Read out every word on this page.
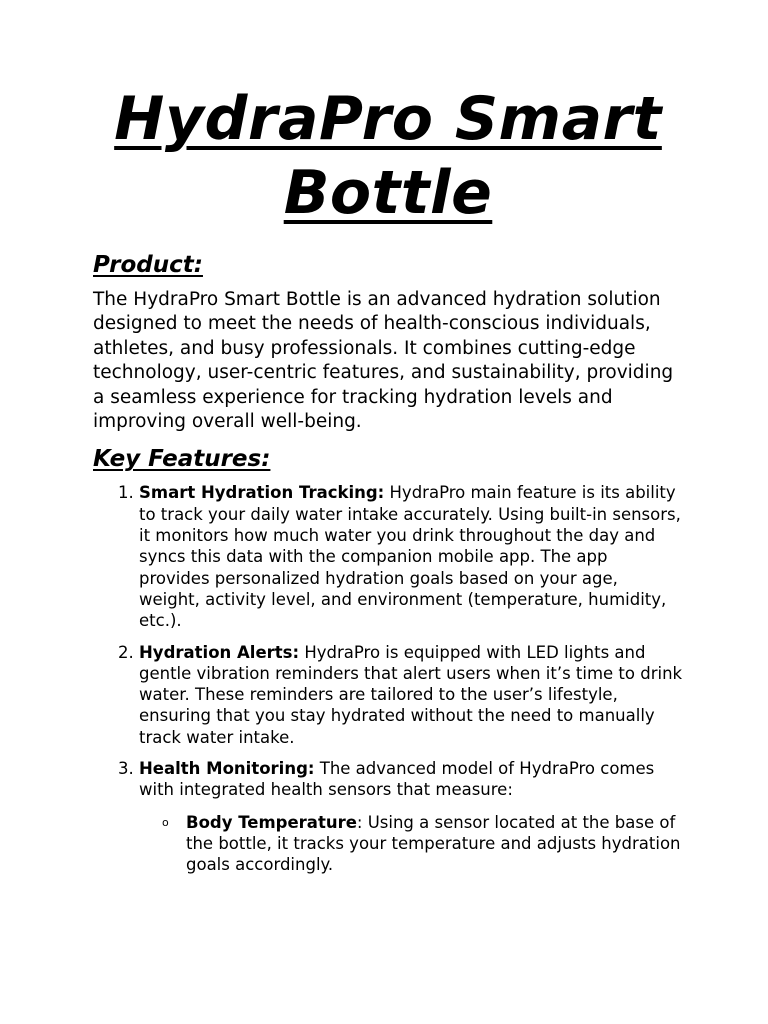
HydraPro Smart Bottle
Product:

The HydraPro Smart Bottle is an advanced hydration solution designed to meet the needs of health-conscious individuals, athletes, and busy professionals. It combines cutting-edge technology, user-centric features, and sustainability, providing a seamless experience for tracking hydration levels and improving overall well-being.

Key Features:
1. Smart Hydration Tracking: HydraPro main feature is its ability to track your daily water intake accurately. Using built-in sensors, it monitors how much water you drink throughout the day and syncs this data with the companion mobile app. The app provides personalized hydration goals based on your age, weight, activity level, and environment (temperature, humidity, etc.).
2. Hydration Alerts: HydraPro is equipped with LED lights and gentle vibration reminders that alert users when it’s time to drink water. These reminders are tailored to the user’s lifestyle, ensuring that you stay hydrated without the need to manually track water intake.
3. Health Monitoring: The advanced model of HydraPro comes with integrated health sensors that measure:
o Body Temperature: Using a sensor located at the base of the bottle, it tracks your temperature and adjusts hydration goals accordingly.
